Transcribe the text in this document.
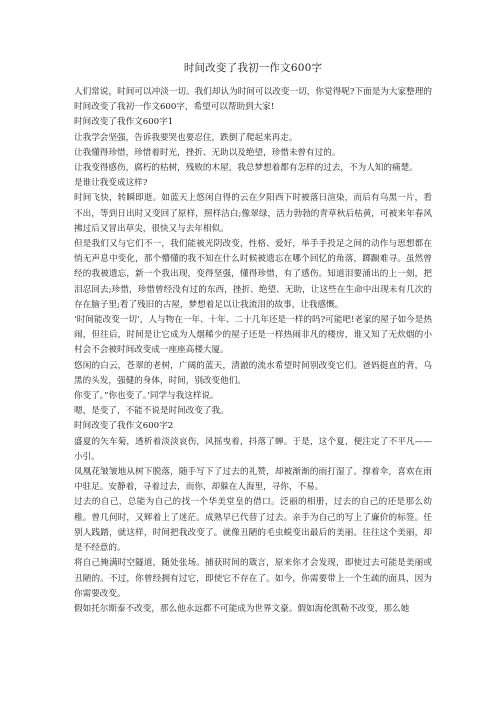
时间改变了我初一作文600字

人们常说，时间可以冲淡一切。我们却认为时间可以改变一切，你觉得呢?下面是为大家整理的时间改变了我初一作文600字，希望可以帮助到大家!

时间改变了我作文600字1

让我学会坚强，告诉我要哭也要忍住，跌倒了爬起来再走。

让我懂得珍惜，珍惜着时光，挫折、无助以及绝望，珍惜未曾有过的。

让我变得感伤，腐朽的枯树，残败的木屋，我总梦想着都有怎样的过去，不为人知的痛楚。

是谁让我变成这样?

时间飞快，转瞬即逝。如蓝天上悠闲自得的云在夕阳西下时被落日渲染，而后有乌黑一片，看不出，等到日出时又变回了原样，照样洁白;像翠绿，活力勃勃的青草秋后枯黄，可被来年春风拂过后又冒出草尖，很快又与去年相似。

但是我们又与它们不一，我们能被光阴改变，性格、爱好，举手手投足之间的动作与思想都在悄无声息中变化，那个懵懂的我不知在什么时候被遗忘在哪个回忆的角落，踯蹰难寻。虽然曾经的我被遗忘，新一个我出现，变得坚强，懂得珍惜，有了感伤。知道泪要涌出的上一刻，把泪忍回去;珍惜，珍惜曾经没有过的东西，挫折、绝望、无助，让这些在生命中出现未有几次的存在脑子里;看了残旧的古屋，梦想着足以让我流泪的故事，让我感慨。

‘时间能改变一切’，人与物在一年、十年、二十几年还是一样的吗?可能吧!老家的屋子如今是热闹，但往后，时间是让它成为人烟稀少的屋子还是一样热闹非凡的楼房，谁又知了无炊烟的小村会不会被时间改变成一座座高楼大厦。

悠闲的白云，苍翠的老树，广阔的蓝天，清澈的流水希望时间别改变它们。爸妈挺直的背，乌黑的头发，强健的身体，时间，别改变他们。

你变了。”你也变了。’同学与我这样说。

嗯，是变了，不能不说是时间改变了我。

时间改变了我作文600字2

盛夏的矢车菊，透析着淡淡哀伤，风摇曳着，抖落了蝉。于是，这个夏，便注定了不平凡——小引。

凤凰花皱皱地从树下脱落，随手写下了过去的礼赞，却被渐渐的雨打湿了。撑着伞，喜欢在雨中驻足。安静着，寻着过去，而你，却躲在人海里，寻你，不易。

过去的自己，总能为自己的找一个华美堂皇的借口。泛丽的相册，过去的自己的还是那么幼稚。曾几何时，又辉着上了迷茫。成熟早已代替了过去。亲手为自己的写上了廉价的标签。任别人践踏，就这样，时间把我改变了。就像丑陋的毛虫蜕变出最后的美丽。往往这个美丽，却是不经意的。

将自己掩满时空隧道，随处张场。捕获时间的箴言，原来你才会发现，即使过去可能是美丽或丑陋的。不过，你曾经拥有过它，即使它不存在了。如今，你需要带上一个生疏的面具，因为你需要改变。

假如托尔斯泰不改变，那么他永远都不可能成为世界文豪。假如海伦凯勒不改变，那么她
